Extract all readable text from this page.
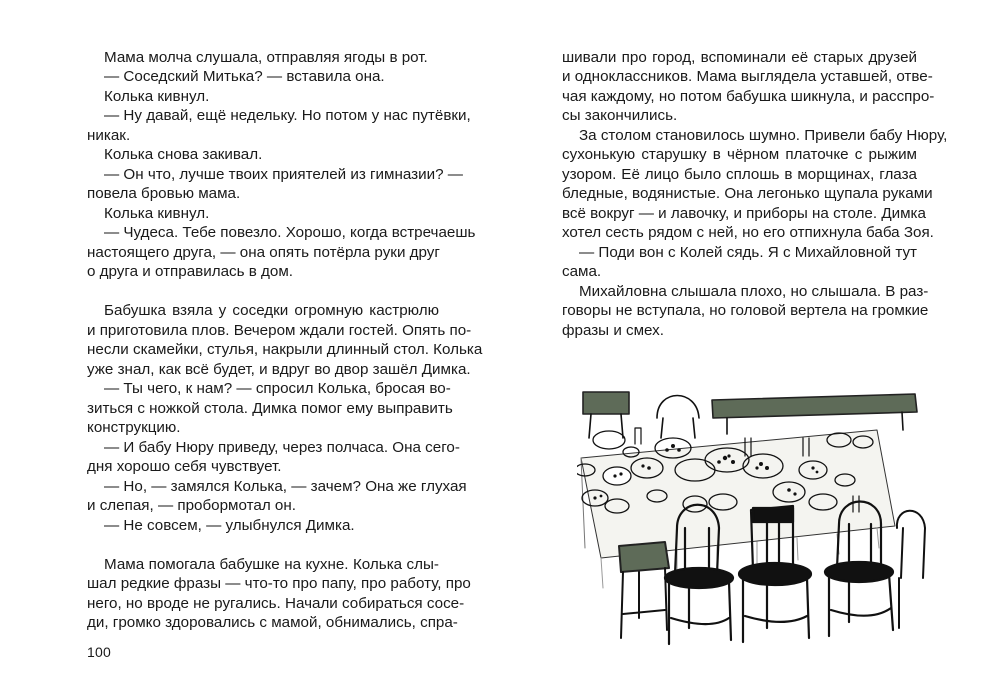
Мама молча слушала, отправляя ягоды в рот.
— Соседский Митька? — вставила она.
Колька кивнул.
— Ну давай, ещё недельку. Но потом у нас путёвки,
никак.
Колька снова закивал.
— Он что, лучше твоих приятелей из гимназии? —
повела бровью мама.
Колька кивнул.
— Чудеса. Тебе повезло. Хорошо, когда встречаешь
настоящего друга, — она опять потёрла руки друг
о друга и отправилась в дом.
Бабушка взяла у соседки огромную кастрюлю
и приготовила плов. Вечером ждали гостей. Опять по-
несли скамейки, стулья, накрыли длинный стол. Колька
уже знал, как всё будет, и вдруг во двор зашёл Димка.
— Ты чего, к нам? — спросил Колька, бросая во-
зиться с ножкой стола. Димка помог ему выправить
конструкцию.
— И бабу Нюру приведу, через полчаса. Она сего-
дня хорошо себя чувствует.
— Но, — замялся Колька, — зачем? Она же глухая
и слепая, — пробормотал он.
— Не совсем, — улыбнулся Димка.
Мама помогала бабушке на кухне. Колька слы-
шал редкие фразы — что-то про папу, про работу, про
него, но вроде не ругались. Начали собираться сосе-
ди, громко здоровались с мамой, обнимались, спра-
100
шивали про город, вспоминали её старых друзей
и одноклассников. Мама выглядела уставшей, отве-
чая каждому, но потом бабушка шикнула, и расспро-
сы закончились.
За столом становилось шумно. Привели бабу Нюру,
сухонькую старушку в чёрном платочке с рыжим
узором. Её лицо было сплошь в морщинах, глаза
бледные, водянистые. Она легонько щупала руками
всё вокруг — и лавочку, и приборы на столе. Димка
хотел сесть рядом с ней, но его отпихнула баба Зоя.
— Поди вон с Колей сядь. Я с Михайловной тут
сама.
Михайловна слышала плохо, но слышала. В раз-
говоры не вступала, но головой вертела на громкие
фразы и смех.
